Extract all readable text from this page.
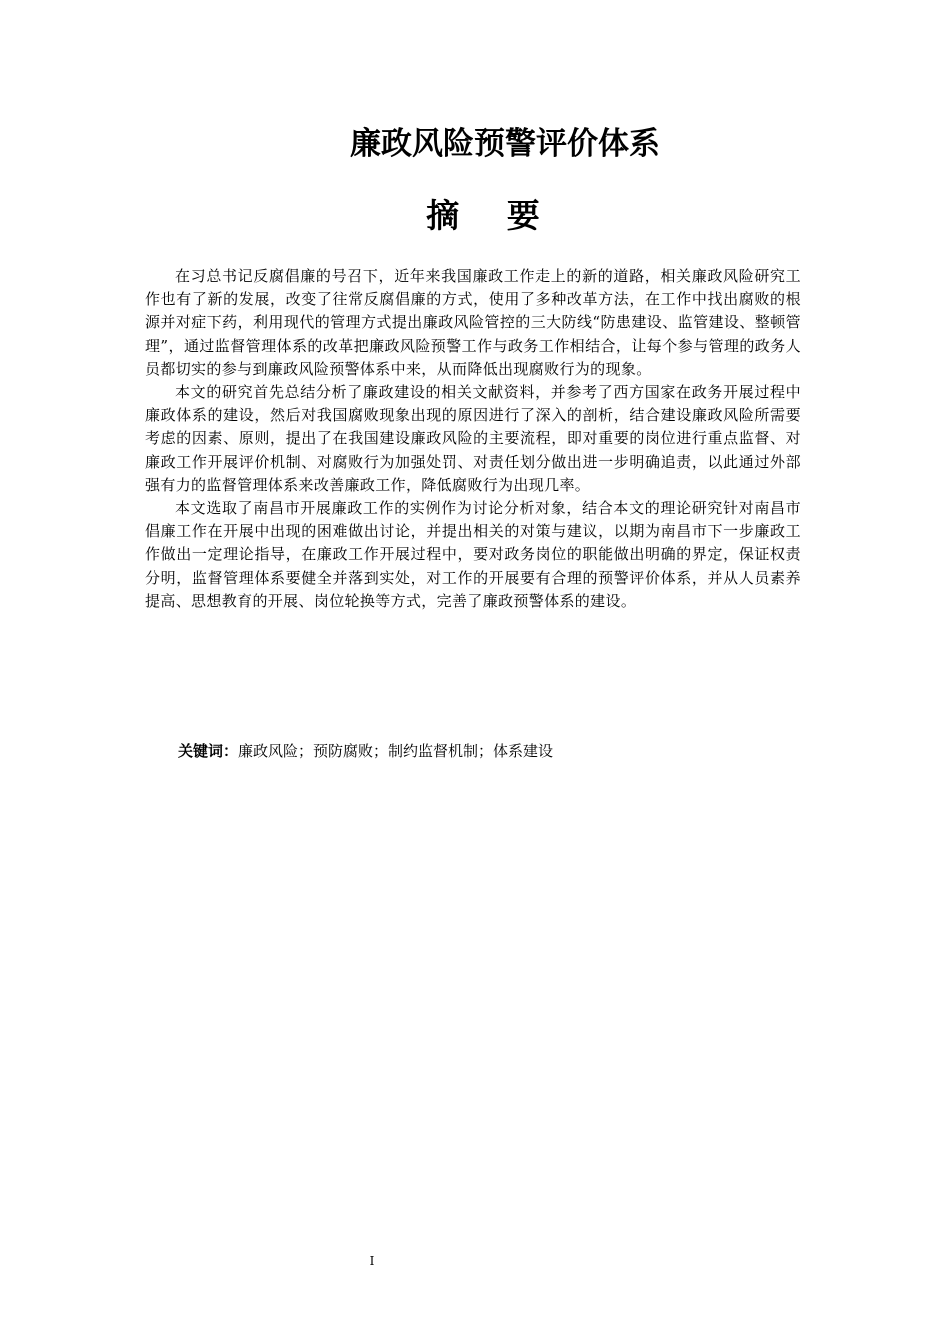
廉政风险预警评价体系
摘 要

在习总书记反腐倡廉的号召下，近年来我国廉政工作走上的新的道路，相关廉政风险研究工作也有了新的发展，改变了往常反腐倡廉的方式，使用了多种改革方法，在工作中找出腐败的根源并对症下药，利用现代的管理方式提出廉政风险管控的三大防线“防患建设、监管建设、整顿管理”，通过监督管理体系的改革把廉政风险预警工作与政务工作相结合，让每个参与管理的政务人员都切实的参与到廉政风险预警体系中来，从而降低出现腐败行为的现象。

本文的研究首先总结分析了廉政建设的相关文献资料，并参考了西方国家在政务开展过程中廉政体系的建设，然后对我国腐败现象出现的原因进行了深入的剖析，结合建设廉政风险所需要考虑的因素、原则，提出了在我国建设廉政风险的主要流程，即对重要的岗位进行重点监督、对廉政工作开展评价机制、对腐败行为加强处罚、对责任划分做出进一步明确追责，以此通过外部强有力的监督管理体系来改善廉政工作，降低腐败行为出现几率。

本文选取了南昌市开展廉政工作的实例作为讨论分析对象，结合本文的理论研究针对南昌市倡廉工作在开展中出现的困难做出讨论，并提出相关的对策与建议，以期为南昌市下一步廉政工作做出一定理论指导，在廉政工作开展过程中，要对政务岗位的职能做出明确的界定，保证权责分明，监督管理体系要健全并落到实处，对工作的开展要有合理的预警评价体系，并从人员素养提高、思想教育的开展、岗位轮换等方式，完善了廉政预警体系的建设。

关键词：廉政风险；预防腐败；制约监督机制；体系建设

I
